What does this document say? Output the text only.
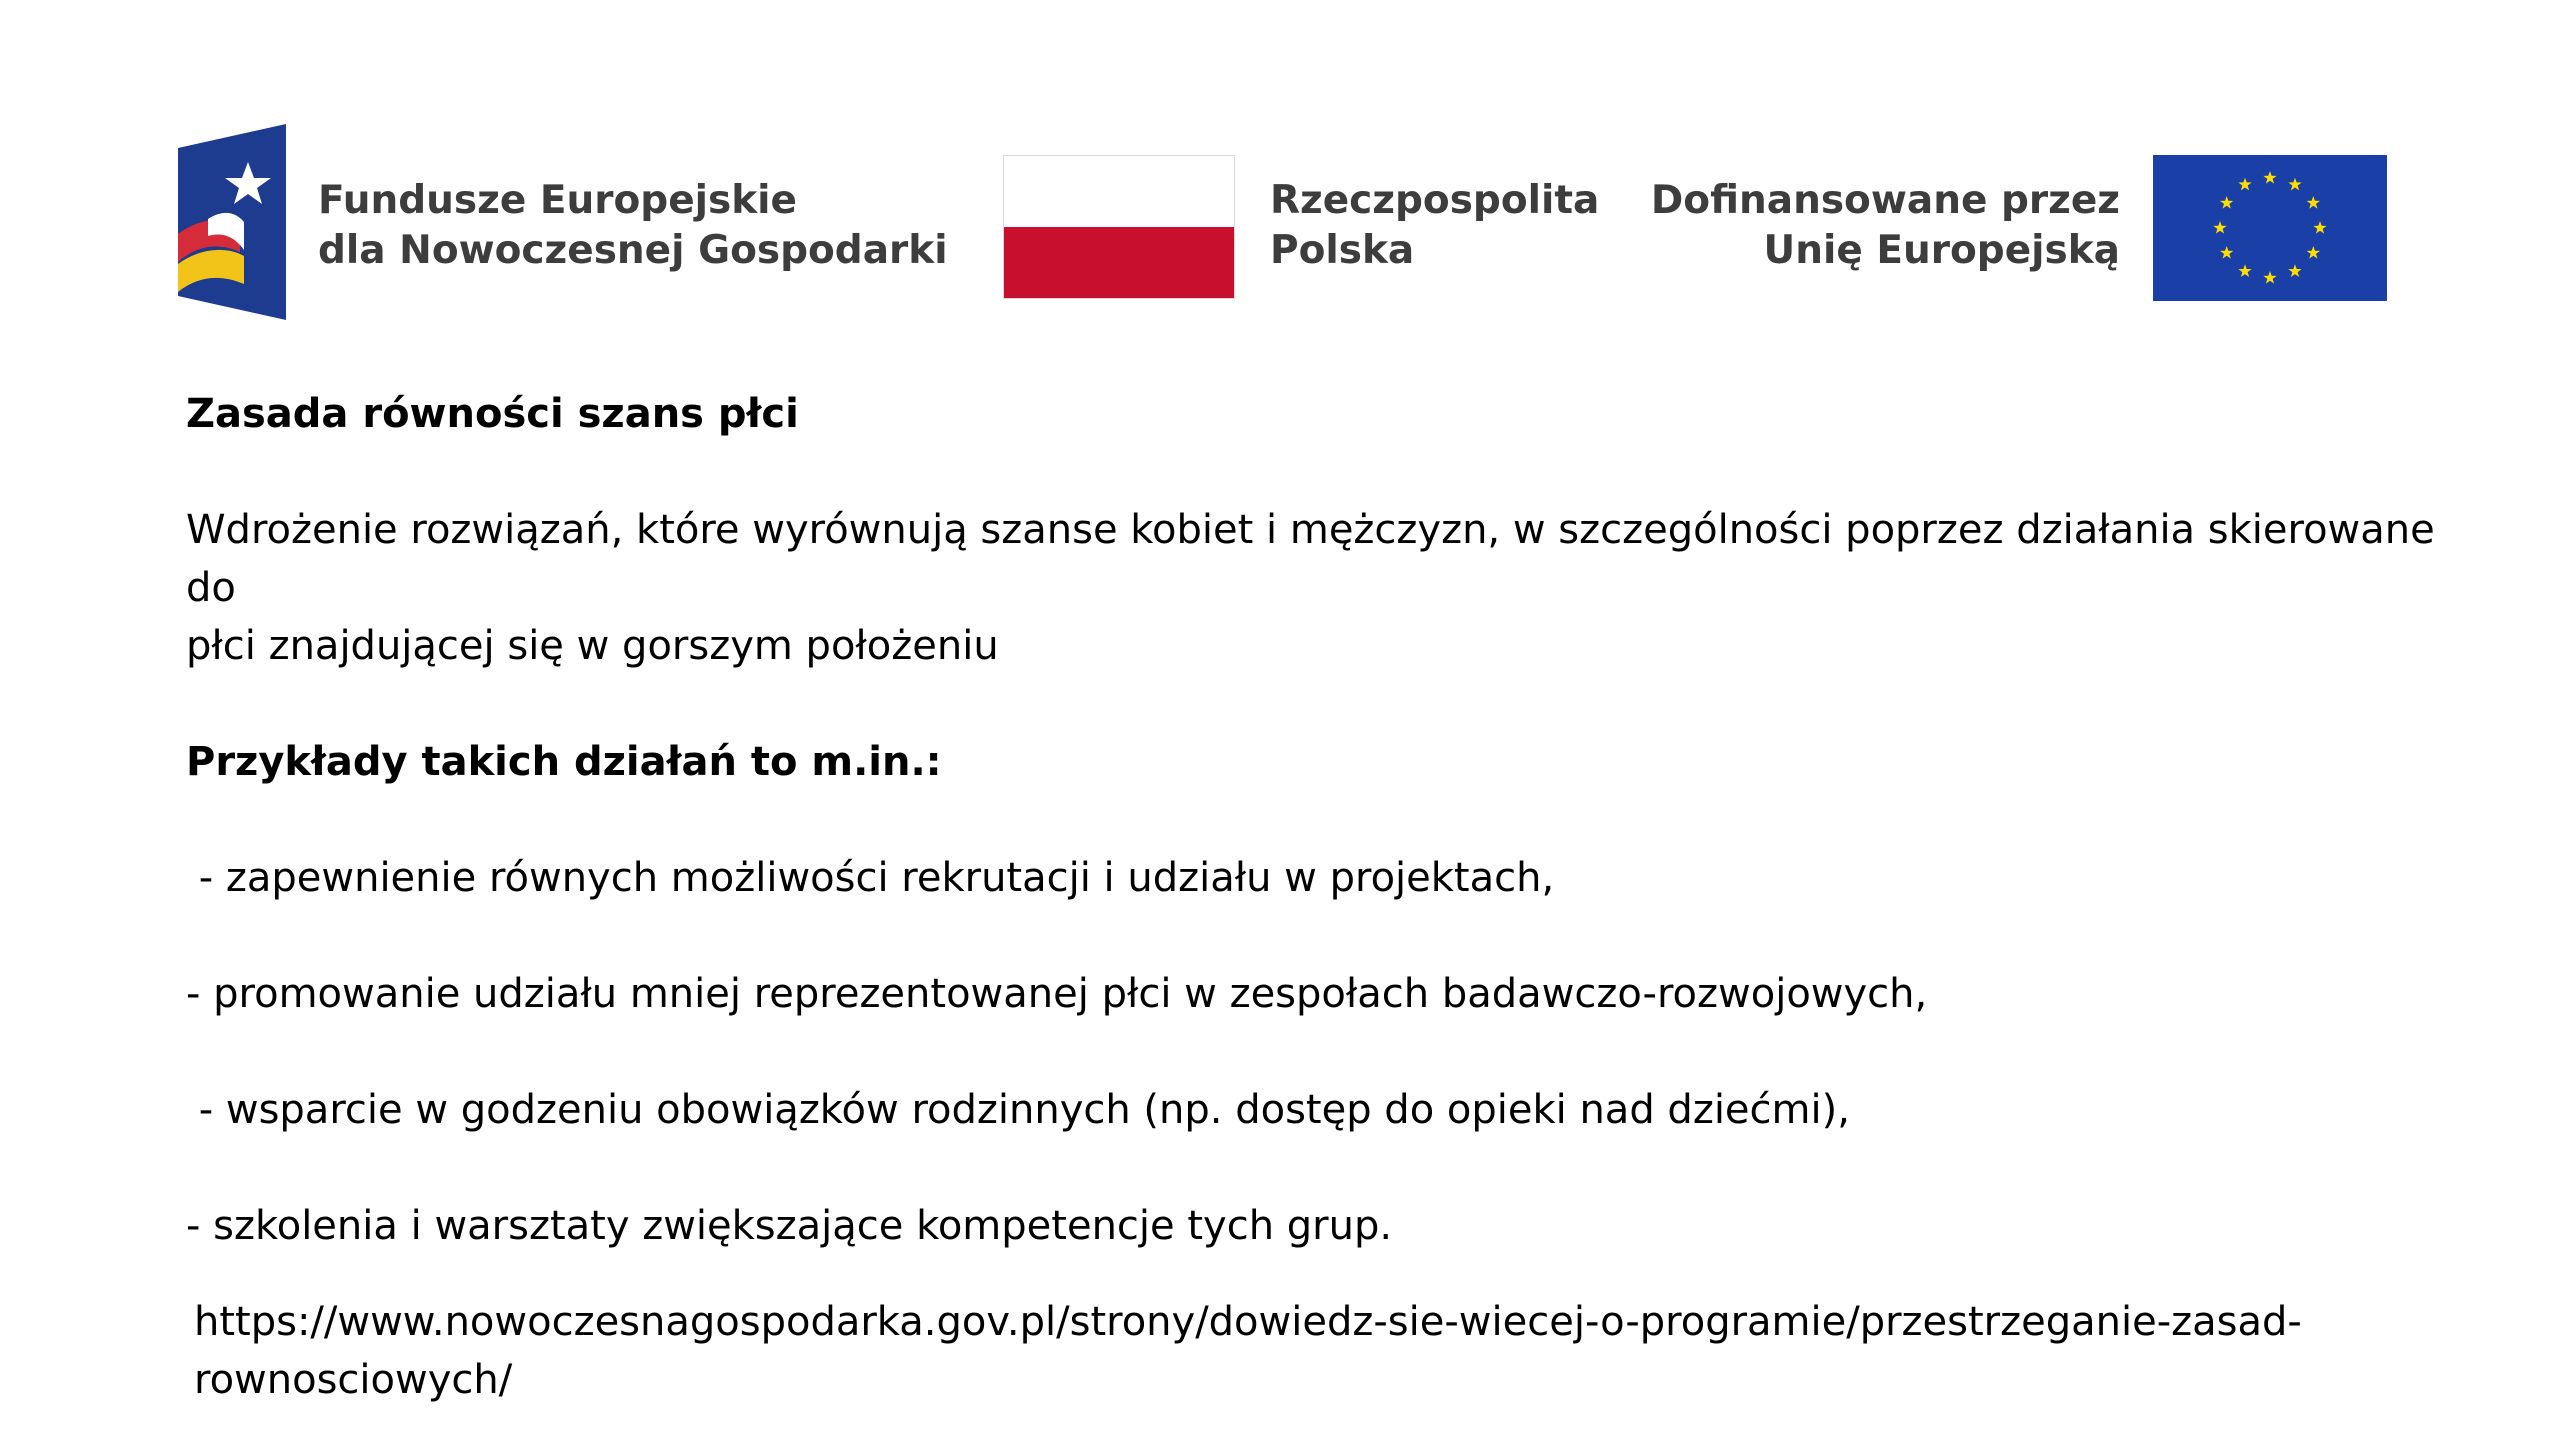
Fundusze Europejskie
dla Nowoczesnej Gospodarki
Rzeczpospolita
Polska
Dofinansowane przez
Unię Europejską

Zasada równości szans płci

Wdrożenie rozwiązań, które wyrównują szanse kobiet i mężczyzn, w szczególności poprzez działania skierowane do

płci znajdującej się w gorszym położeniu

Przykłady takich działań to m.in.:

- zapewnienie równych możliwości rekrutacji i udziału w projektach,

- promowanie udziału mniej reprezentowanej płci w zespołach badawczo-rozwojowych,

- wsparcie w godzeniu obowiązków rodzinnych (np. dostęp do opieki nad dziećmi),

- szkolenia i warsztaty zwiększające kompetencje tych grup.

https://www.nowoczesnagospodarka.gov.pl/strony/dowiedz-sie-wiecej-o-programie/przestrzeganie-zasad-

rownosciowych/
